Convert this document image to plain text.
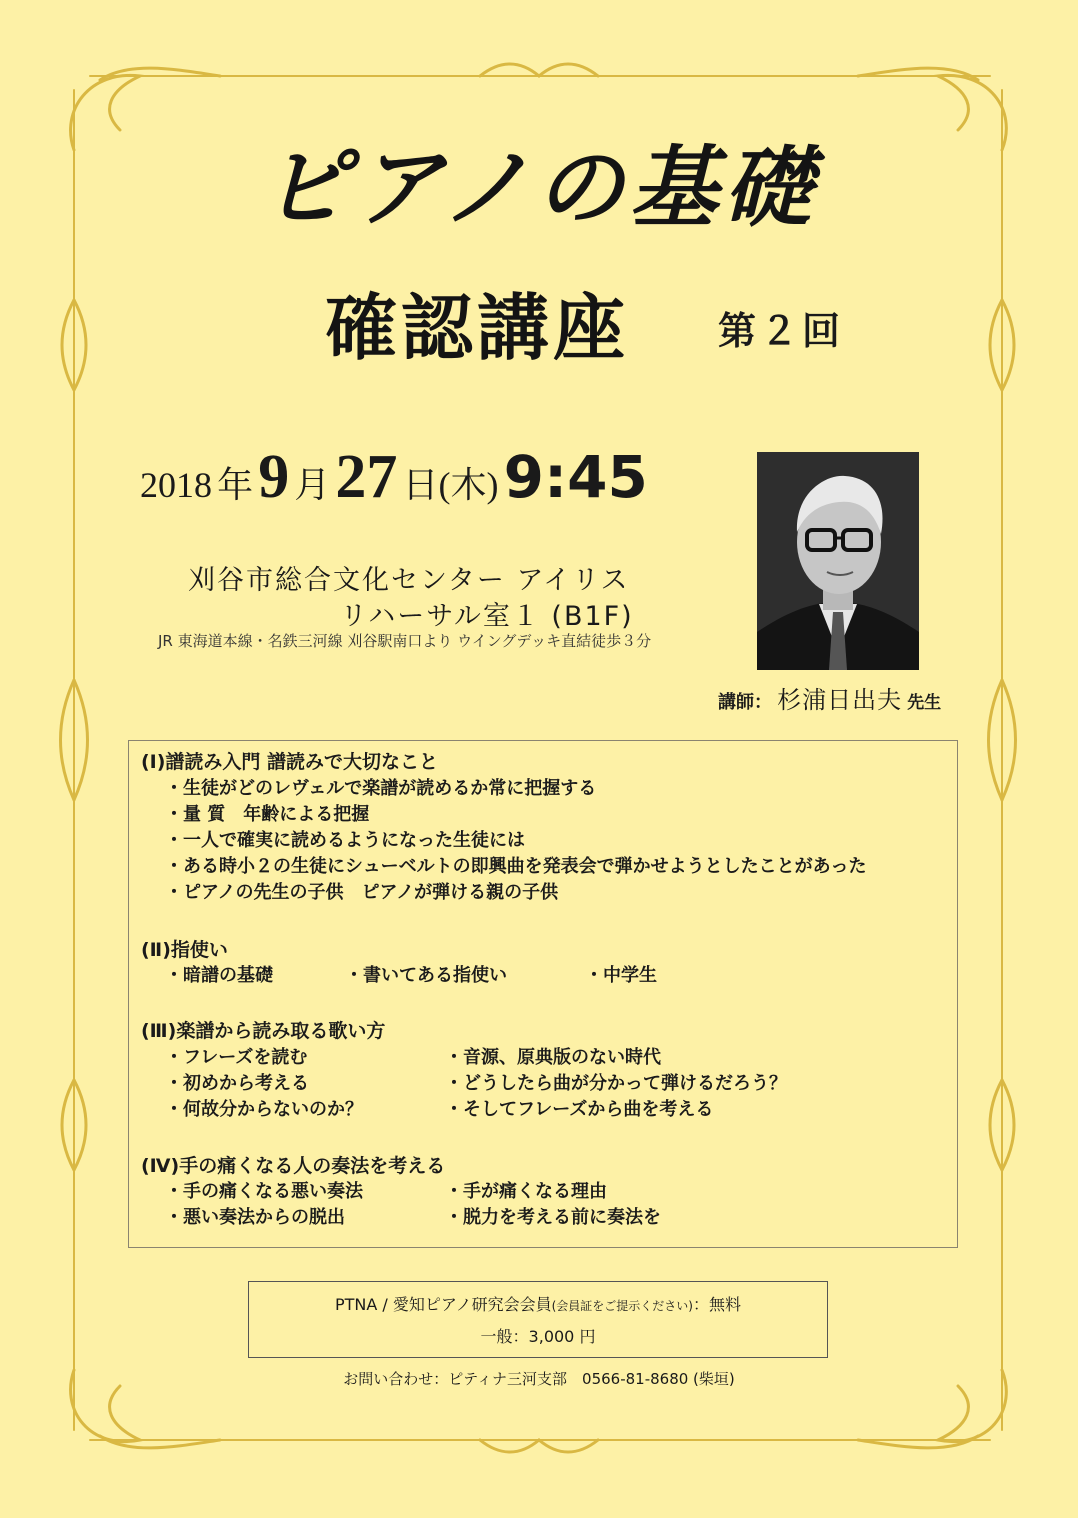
ピアノの基礎
確認講座 第２回
2018 年 9 月 27 日(木) 9:45
刈谷市総合文化センター アイリス
リハーサル室１ (B1F)
JR 東海道本線・名鉄三河線 刈谷駅南口より ウイングデッキ直結徒歩３分
講師： 杉浦日出夫 先生
(Ⅰ)譜読み入門 譜読みで大切なこと
・生徒がどのレヴェルで楽譜が読めるか常に把握する
・量 質　年齢による把握
・一人で確実に読めるようになった生徒には
・ある時小２の生徒にシューベルトの即興曲を発表会で弾かせようとしたことがあった
・ピアノの先生の子供　ピアノが弾ける親の子供
(Ⅱ)指使い
・暗譜の基礎	・書いてある指使い	・中学生
(Ⅲ)楽譜から読み取る歌い方
・フレーズを読む	・音源、原典版のない時代
・初めから考える	・どうしたら曲が分かって弾けるだろう？
・何故分からないのか？	・そしてフレーズから曲を考える
(Ⅳ)手の痛くなる人の奏法を考える
・手の痛くなる悪い奏法	・手が痛くなる理由
・悪い奏法からの脱出	・脱力を考える前に奏法を
PTNA / 愛知ピアノ研究会会員(会員証をご提示ください)：無料
一般：3,000 円
お問い合わせ：ピティナ三河支部　0566-81-8680 (柴垣)
